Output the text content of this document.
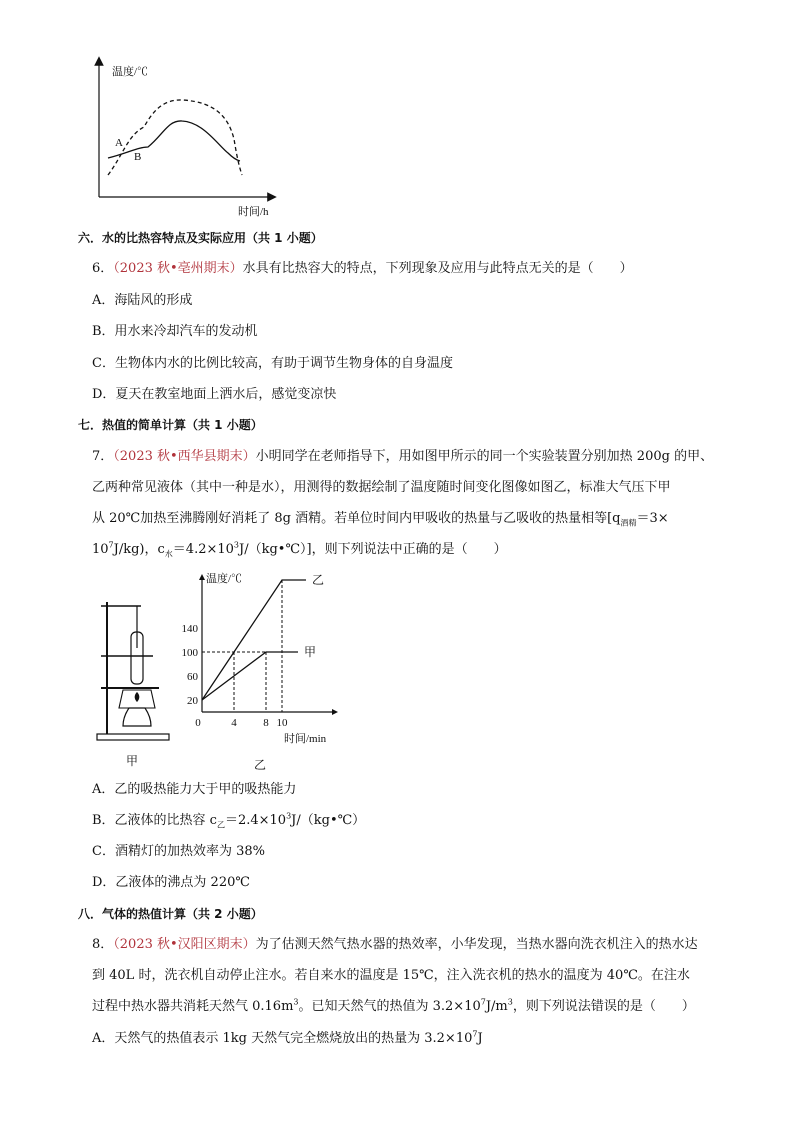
温度/℃
时间/h
A
B
六．水的比热容特点及实际应用（共 1 小题）
6．（2023 秋•亳州期末）水具有比热容大的特点，下列现象及应用与此特点无关的是（　　）
A．海陆风的形成
B．用水来冷却汽车的发动机
C．生物体内水的比例比较高，有助于调节生物身体的自身温度
D．夏天在教室地面上洒水后，感觉变凉快
七．热值的简单计算（共 1 小题）
7．（2023 秋•西华县期末）小明同学在老师指导下，用如图甲所示的同一个实验装置分别加热 200g 的甲、
乙两种常见液体（其中一种是水），用测得的数据绘制了温度随时间变化图像如图乙，标准大气压下甲
从 20℃加热至沸腾刚好消耗了 8g 酒精。若单位时间内甲吸收的热量与乙吸收的热量相等[$q_{酒精}=3\times$
$10^7J/kg$)，$c_水=4.2\times 10^3J/(kg•℃)$]，则下列说法中正确的是（　　）
甲
温度/℃
时间/min
20
60
100
140
0	4 8 10
甲
乙
乙
A．乙的吸热能力大于甲的吸热能力
B．乙液体的比热容 $c_乙=2.4\times 10^3J/(kg•℃)$
C．酒精灯的加热效率为 38%
D．乙液体的沸点为 220℃
八．气体的热值计算（共 2 小题）
8．（2023 秋•汉阳区期末）为了估测天然气热水器的热效率，小华发现，当热水器向洗衣机注入的热水达
到 40L 时，洗衣机自动停止注水。若自来水的温度是 15℃，注入洗衣机的热水的温度为 40℃。在注水
过程中热水器共消耗天然气 $0.16m^3$。已知天然气的热值为 $3.2\times 10^7J/m^3$，则下列说法错误的是（　　）
A．天然气的热值表示 1kg 天然气完全燃烧放出的热量为 $3.2\times 10^7J$
